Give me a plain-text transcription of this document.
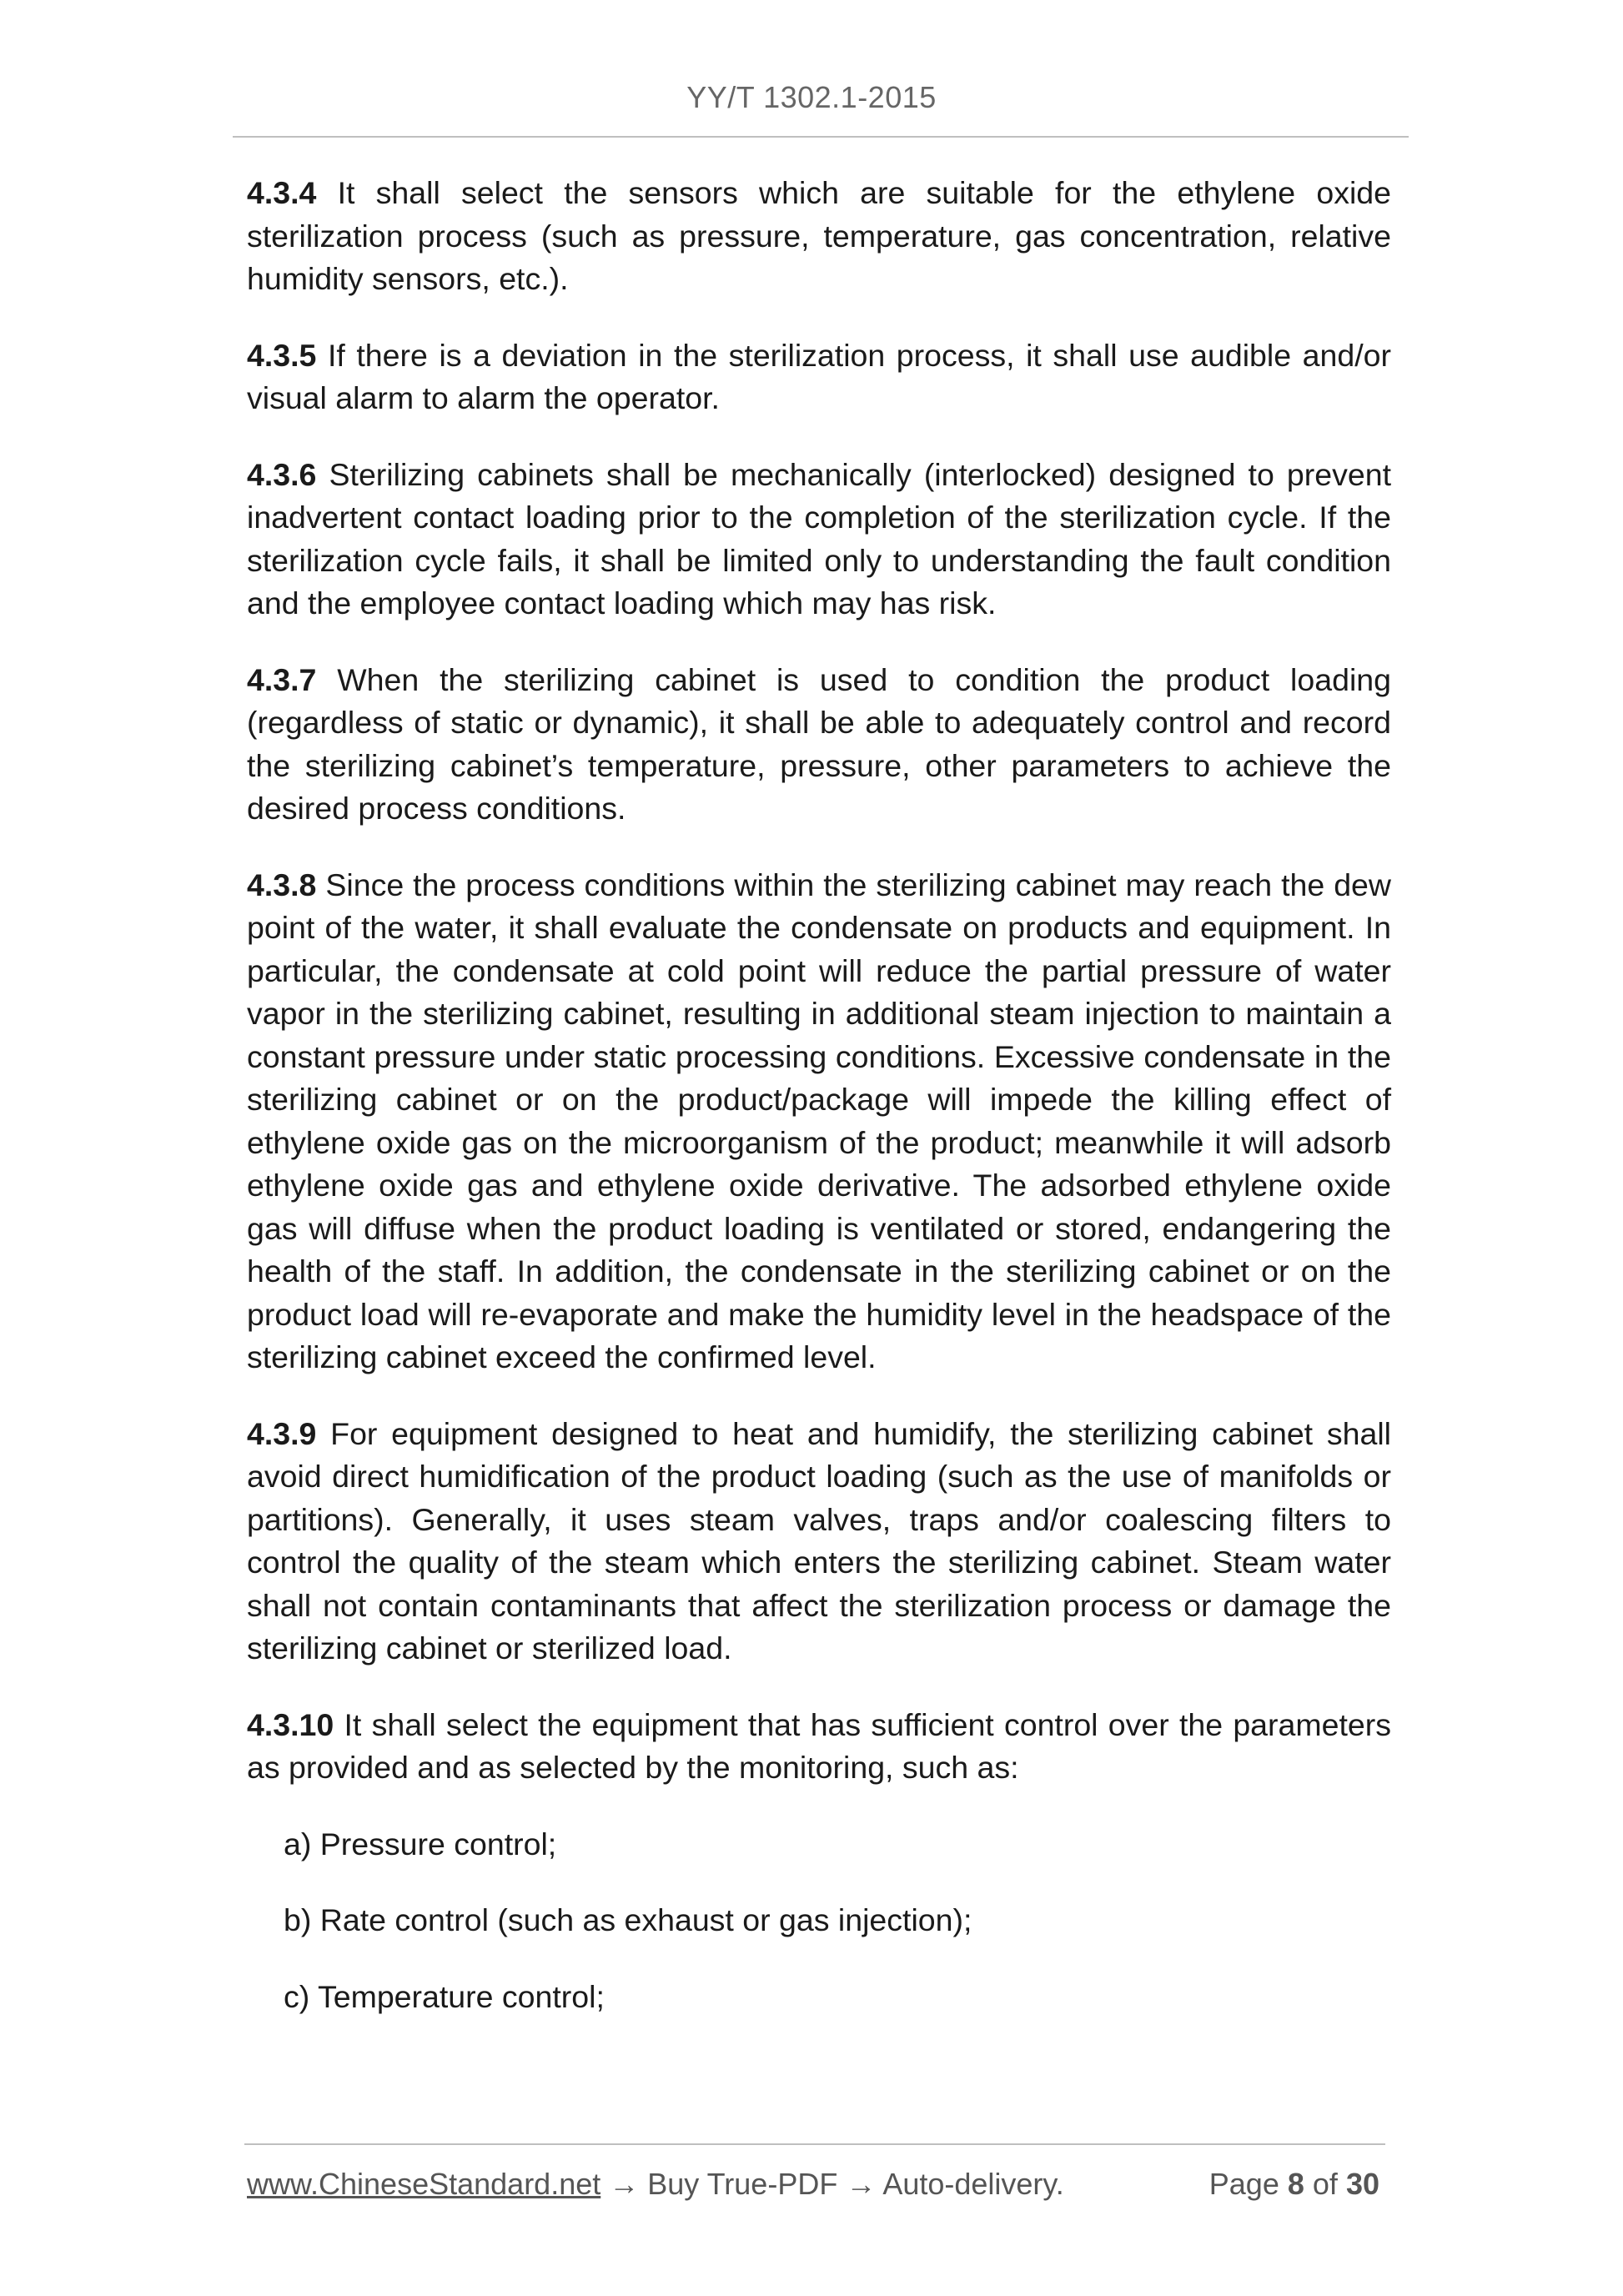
YY/T 1302.1-2015

4.3.4 It shall select the sensors which are suitable for the ethylene oxide sterilization process (such as pressure, temperature, gas concentration, relative humidity sensors, etc.).

4.3.5 If there is a deviation in the sterilization process, it shall use audible and/or visual alarm to alarm the operator.

4.3.6 Sterilizing cabinets shall be mechanically (interlocked) designed to prevent inadvertent contact loading prior to the completion of the sterilization cycle. If the sterilization cycle fails, it shall be limited only to understanding the fault condition and the employee contact loading which may has risk.

4.3.7 When the sterilizing cabinet is used to condition the product loading (regardless of static or dynamic), it shall be able to adequately control and record the sterilizing cabinet’s temperature, pressure, other parameters to achieve the desired process conditions.

4.3.8 Since the process conditions within the sterilizing cabinet may reach the dew point of the water, it shall evaluate the condensate on products and equipment. In particular, the condensate at cold point will reduce the partial pressure of water vapor in the sterilizing cabinet, resulting in additional steam injection to maintain a constant pressure under static processing conditions. Excessive condensate in the sterilizing cabinet or on the product/package will impede the killing effect of ethylene oxide gas on the microorganism of the product; meanwhile it will adsorb ethylene oxide gas and ethylene oxide derivative. The adsorbed ethylene oxide gas will diffuse when the product loading is ventilated or stored, endangering the health of the staff. In addition, the condensate in the sterilizing cabinet or on the product load will re-evaporate and make the humidity level in the headspace of the sterilizing cabinet exceed the confirmed level.

4.3.9 For equipment designed to heat and humidify, the sterilizing cabinet shall avoid direct humidification of the product loading (such as the use of manifolds or partitions). Generally, it uses steam valves, traps and/or coalescing filters to control the quality of the steam which enters the sterilizing cabinet. Steam water shall not contain contaminants that affect the sterilization process or damage the sterilizing cabinet or sterilized load.

4.3.10 It shall select the equipment that has sufficient control over the parameters as provided and as selected by the monitoring, such as:

a) Pressure control;

b) Rate control (such as exhaust or gas injection);

c) Temperature control;

www.ChineseStandard.net → Buy True-PDF → Auto-delivery.	Page 8 of 30
